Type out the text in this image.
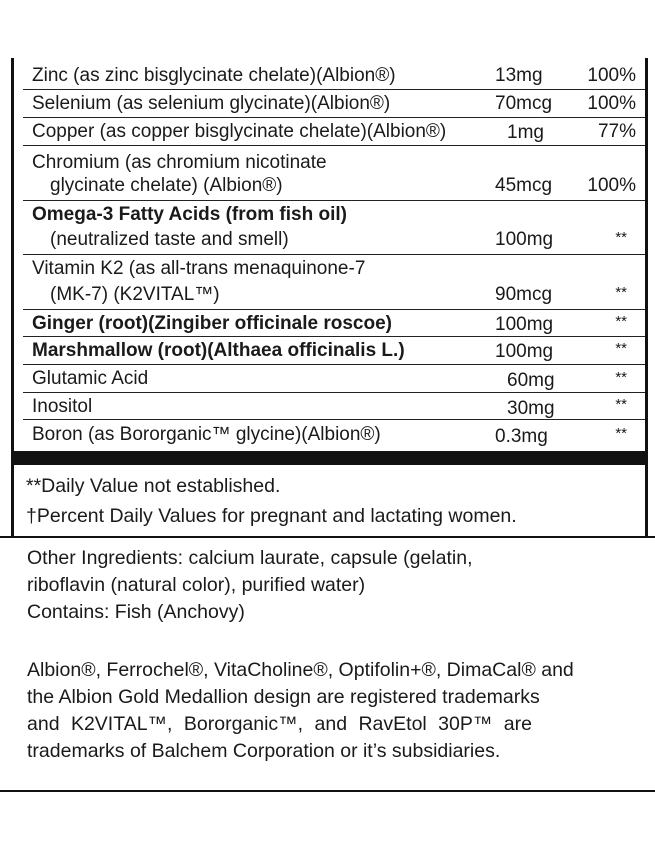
Zinc (as zinc bisglycinate chelate)(Albion®)	13mg 100%
Selenium (as selenium glycinate)(Albion®)	70mcg 100%
Copper (as copper bisglycinate chelate)(Albion®)	1mg	77%
Chromium (as chromium nicotinate
glycinate chelate) (Albion®)	45mcg 100%
Omega-3 Fatty Acids (from fish oil)
(neutralized taste and smell)	100mg	**
Vitamin K2 (as all-trans menaquinone-7
(MK-7) (K2VITAL™)	90mcg	**
Ginger (root)(Zingiber officinale roscoe)	100mg	**
Marshmallow (root)(Althaea officinalis L.)	100mg	**
Glutamic Acid	60mg	**
Inositol	30mg	**
Boron (as Bororganic™ glycine)(Albion®)	0.3mg	**
**Daily Value not established.
†Percent Daily Values for pregnant and lactating women.
Other Ingredients: calcium laurate, capsule (gelatin,
riboflavin (natural color), purified water)
Contains: Fish (Anchovy)
Albion®, Ferrochel®, VitaCholine®, Optifolin+®, DimaCal® and
the Albion Gold Medallion design are registered trademarks
and K2VITAL™, Bororganic™, and RavEtol 30P™ are
trademarks of Balchem Corporation or it’s subsidiaries.
